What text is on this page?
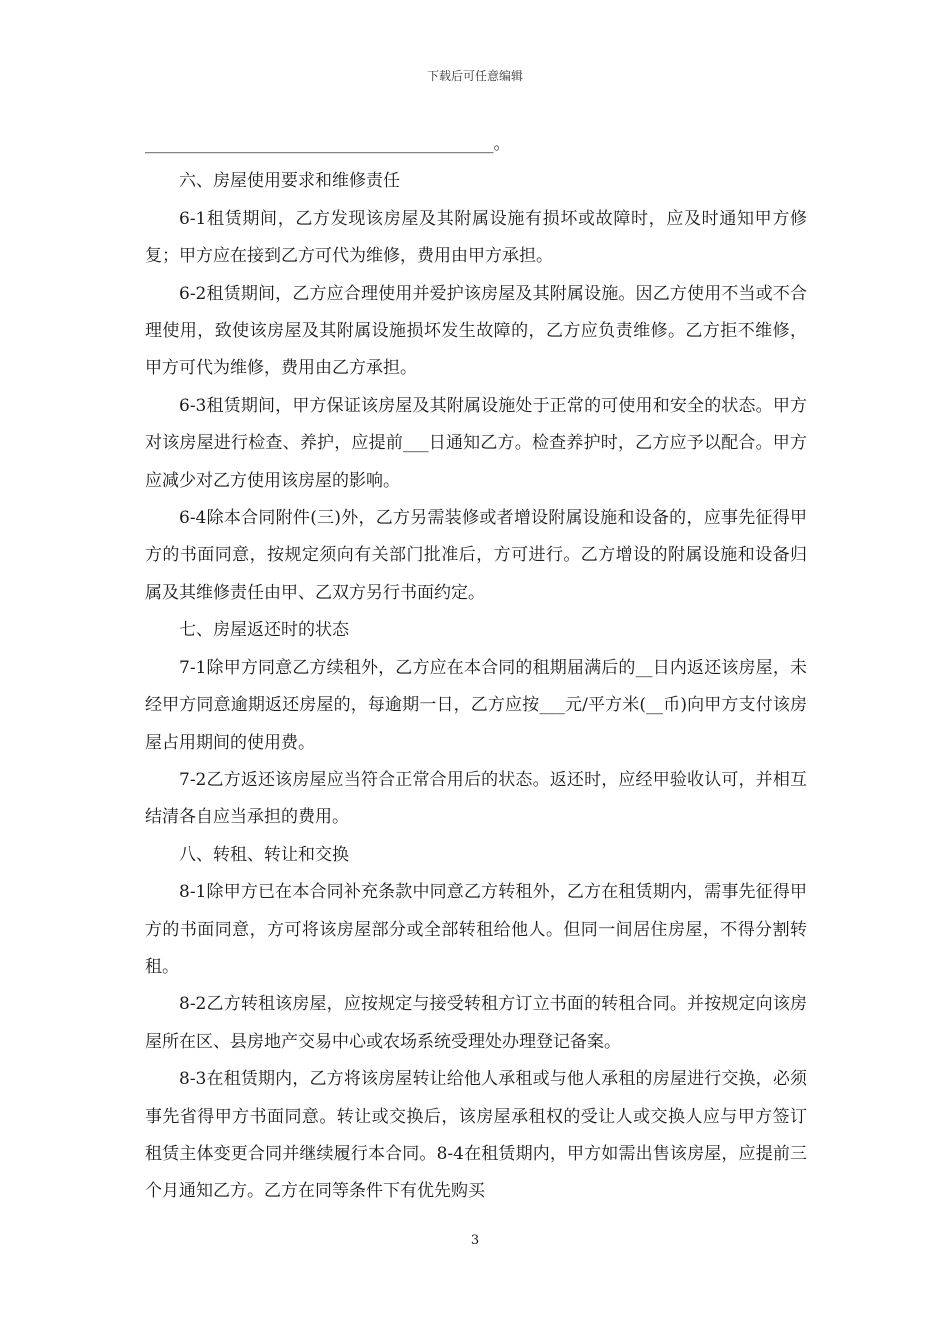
下载后可任意编辑

_________________________________________。

六、房屋使用要求和维修责任

6-1租赁期间，乙方发现该房屋及其附属设施有损坏或故障时，应及时通知甲方修复；甲方应在接到乙方可代为维修，费用由甲方承担。

6-2租赁期间，乙方应合理使用并爱护该房屋及其附属设施。因乙方使用不当或不合理使用，致使该房屋及其附属设施损坏发生故障的，乙方应负责维修。乙方拒不维修，甲方可代为维修，费用由乙方承担。

6-3租赁期间，甲方保证该房屋及其附属设施处于正常的可使用和安全的状态。甲方对该房屋进行检查、养护，应提前___日通知乙方。检查养护时，乙方应予以配合。甲方应减少对乙方使用该房屋的影响。

6-4除本合同附件(三)外，乙方另需装修或者增设附属设施和设备的，应事先征得甲方的书面同意，按规定须向有关部门批准后，方可进行。乙方增设的附属设施和设备归属及其维修责任由甲、乙双方另行书面约定。

七、房屋返还时的状态

7-1除甲方同意乙方续租外，乙方应在本合同的租期届满后的__日内返还该房屋，未经甲方同意逾期返还房屋的，每逾期一日，乙方应按___元/平方米(__币)向甲方支付该房屋占用期间的使用费。

7-2乙方返还该房屋应当符合正常合用后的状态。返还时，应经甲验收认可，并相互结清各自应当承担的费用。

八、转租、转让和交换

8-1除甲方已在本合同补充条款中同意乙方转租外，乙方在租赁期内，需事先征得甲方的书面同意，方可将该房屋部分或全部转租给他人。但同一间居住房屋，不得分割转租。

8-2乙方转租该房屋，应按规定与接受转租方订立书面的转租合同。并按规定向该房屋所在区、县房地产交易中心或农场系统受理处办理登记备案。

8-3在租赁期内，乙方将该房屋转让给他人承租或与他人承租的房屋进行交换，必须事先省得甲方书面同意。转让或交换后，该房屋承租权的受让人或交换人应与甲方签订租赁主体变更合同并继续履行本合同。8-4在租赁期内，甲方如需出售该房屋，应提前三个月通知乙方。乙方在同等条件下有优先购买

3
